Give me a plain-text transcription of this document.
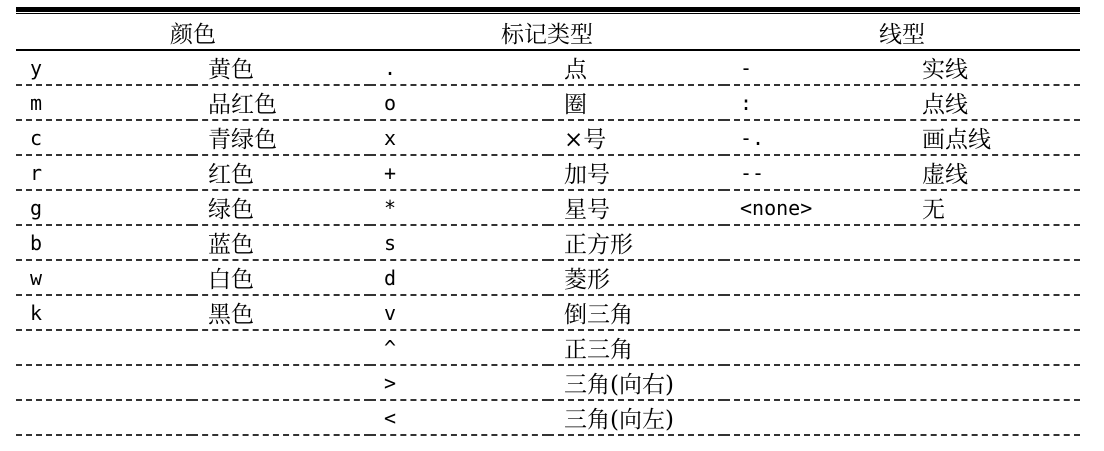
颜色		标记类型		线型	
y	黄色	.	点	-	实线
m	品红色	o	圈	:	点线
c	青绿色	x	×号	-.	画点线
r	红色	+	加号	--	虚线
g	绿色	*	星号	<none>	无
b	蓝色	s	正方形		
w	白色	d	菱形		
k	黑色	v	倒三角		
		^	正三角		
		>	三角(向右)		
		<	三角(向左)		
